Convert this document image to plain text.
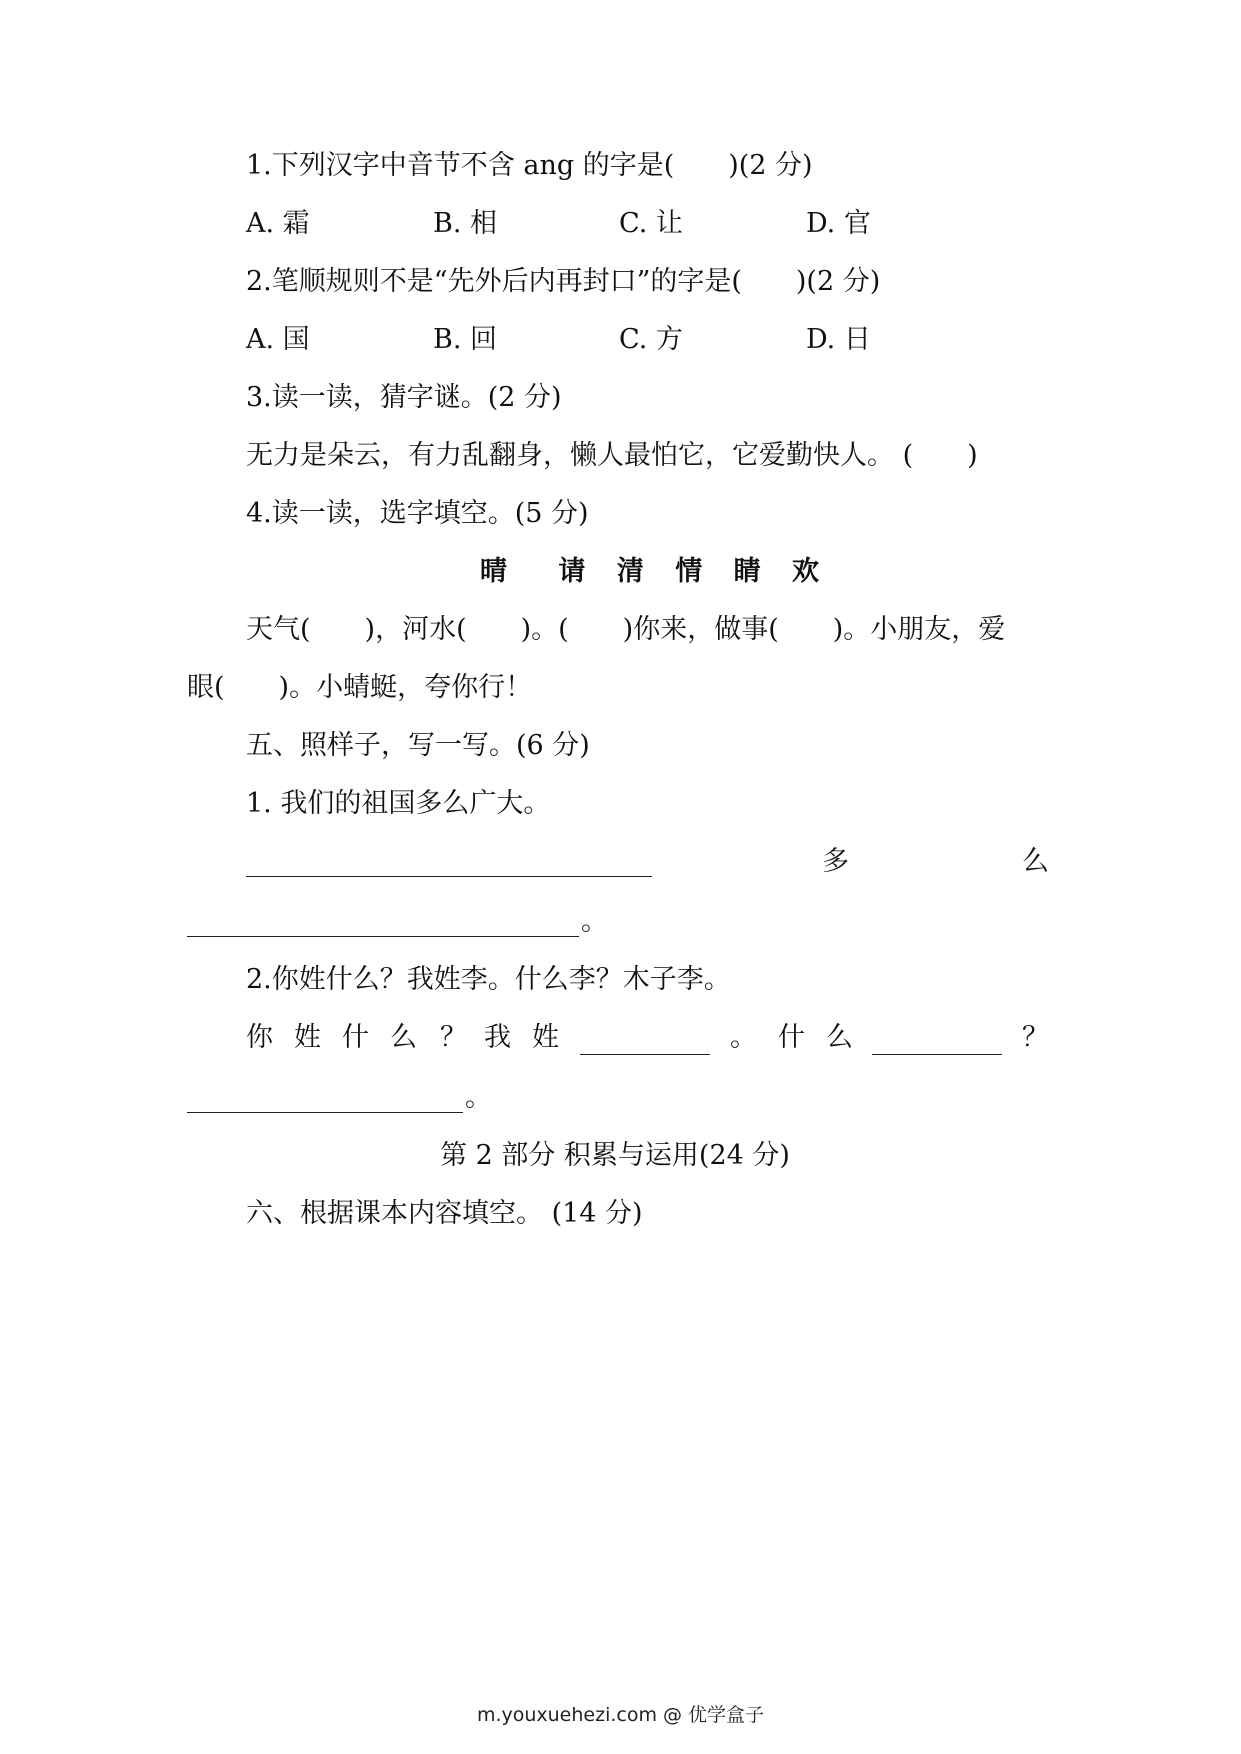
1.下列汉字中音节不含 ang 的字是(　　)(2 分)
A. 霜	B. 相	C. 让	D. 官
2.笔顺规则不是“先外后内再封口”的字是(　　)(2 分)
A. 国	B. 回	C. 方	D. 日
3.读一读，猜字谜。(2 分)
无力是朵云，有力乱翻身，懒人最怕它，它爱勤快人。 (　　)
4.读一读，选字填空。(5 分)
晴 请 清 情 睛 欢
天气(　　)，河水(　　)。(　　)你来，做事(　　)。小朋友，爱
眼(　　)。小蜻蜓，夸你行！
五、照样子，写一写。(6 分)
1. 我们的祖国多么广大。
多	么
。
2.你姓什么？我姓李。什么李？木子李。
你 姓 什 么 ？ 我 姓	。 什 么	？
。
第 2 部分 积累与运用(24 分)
六、根据课本内容填空。 (14 分)
m.youxuehezi.com @ 优学盒子
